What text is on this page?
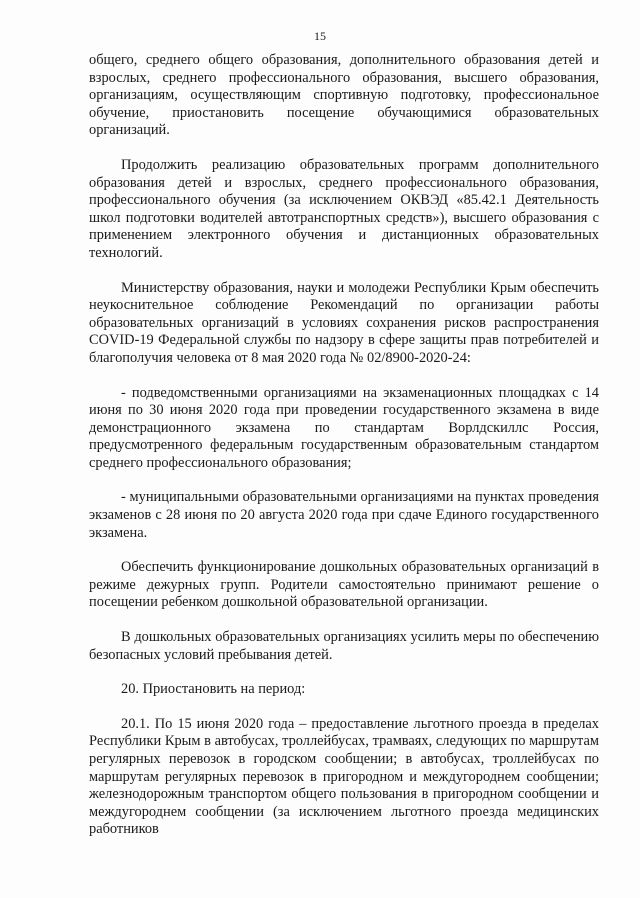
15

общего, среднего общего образования, дополнительного образования детей и взрослых, среднего профессионального образования, высшего образования, организациям, осуществляющим спортивную подготовку, профессиональное обучение, приостановить посещение обучающимися образовательных организаций.

Продолжить реализацию образовательных программ дополнительного образования детей и взрослых, среднего профессионального образования, профессионального обучения (за исключением ОКВЭД «85.42.1 Деятельность школ подготовки водителей автотранспортных средств»), высшего образования с применением электронного обучения и дистанционных образовательных технологий.

Министерству образования, науки и молодежи Республики Крым обеспечить неукоснительное соблюдение Рекомендаций по организации работы образовательных организаций в условиях сохранения рисков распространения COVID-19 Федеральной службы по надзору в сфере защиты прав потребителей и благополучия человека от 8 мая 2020 года № 02/8900-2020-24:

- подведомственными организациями на экзаменационных площадках с 14 июня по 30 июня 2020 года при проведении государственного экзамена в виде демонстрационного экзамена по стандартам Ворлдскиллс Россия, предусмотренного федеральным государственным образовательным стандартом среднего профессионального образования;

- муниципальными образовательными организациями на пунктах проведения экзаменов с 28 июня по 20 августа 2020 года при сдаче Единого государственного экзамена.

Обеспечить функционирование дошкольных образовательных организаций в режиме дежурных групп. Родители самостоятельно принимают решение о посещении ребенком дошкольной образовательной организации.

В дошкольных образовательных организациях усилить меры по обеспечению безопасных условий пребывания детей.

20. Приостановить на период:

20.1. По 15 июня 2020 года – предоставление льготного проезда в пределах Республики Крым в автобусах, троллейбусах, трамваях, следующих по маршрутам регулярных перевозок в городском сообщении; в автобусах, троллейбусах по маршрутам регулярных перевозок в пригородном и междугороднем сообщении; железнодорожным транспортом общего пользования в пригородном сообщении и междугороднем сообщении (за исключением льготного проезда медицинских работников
